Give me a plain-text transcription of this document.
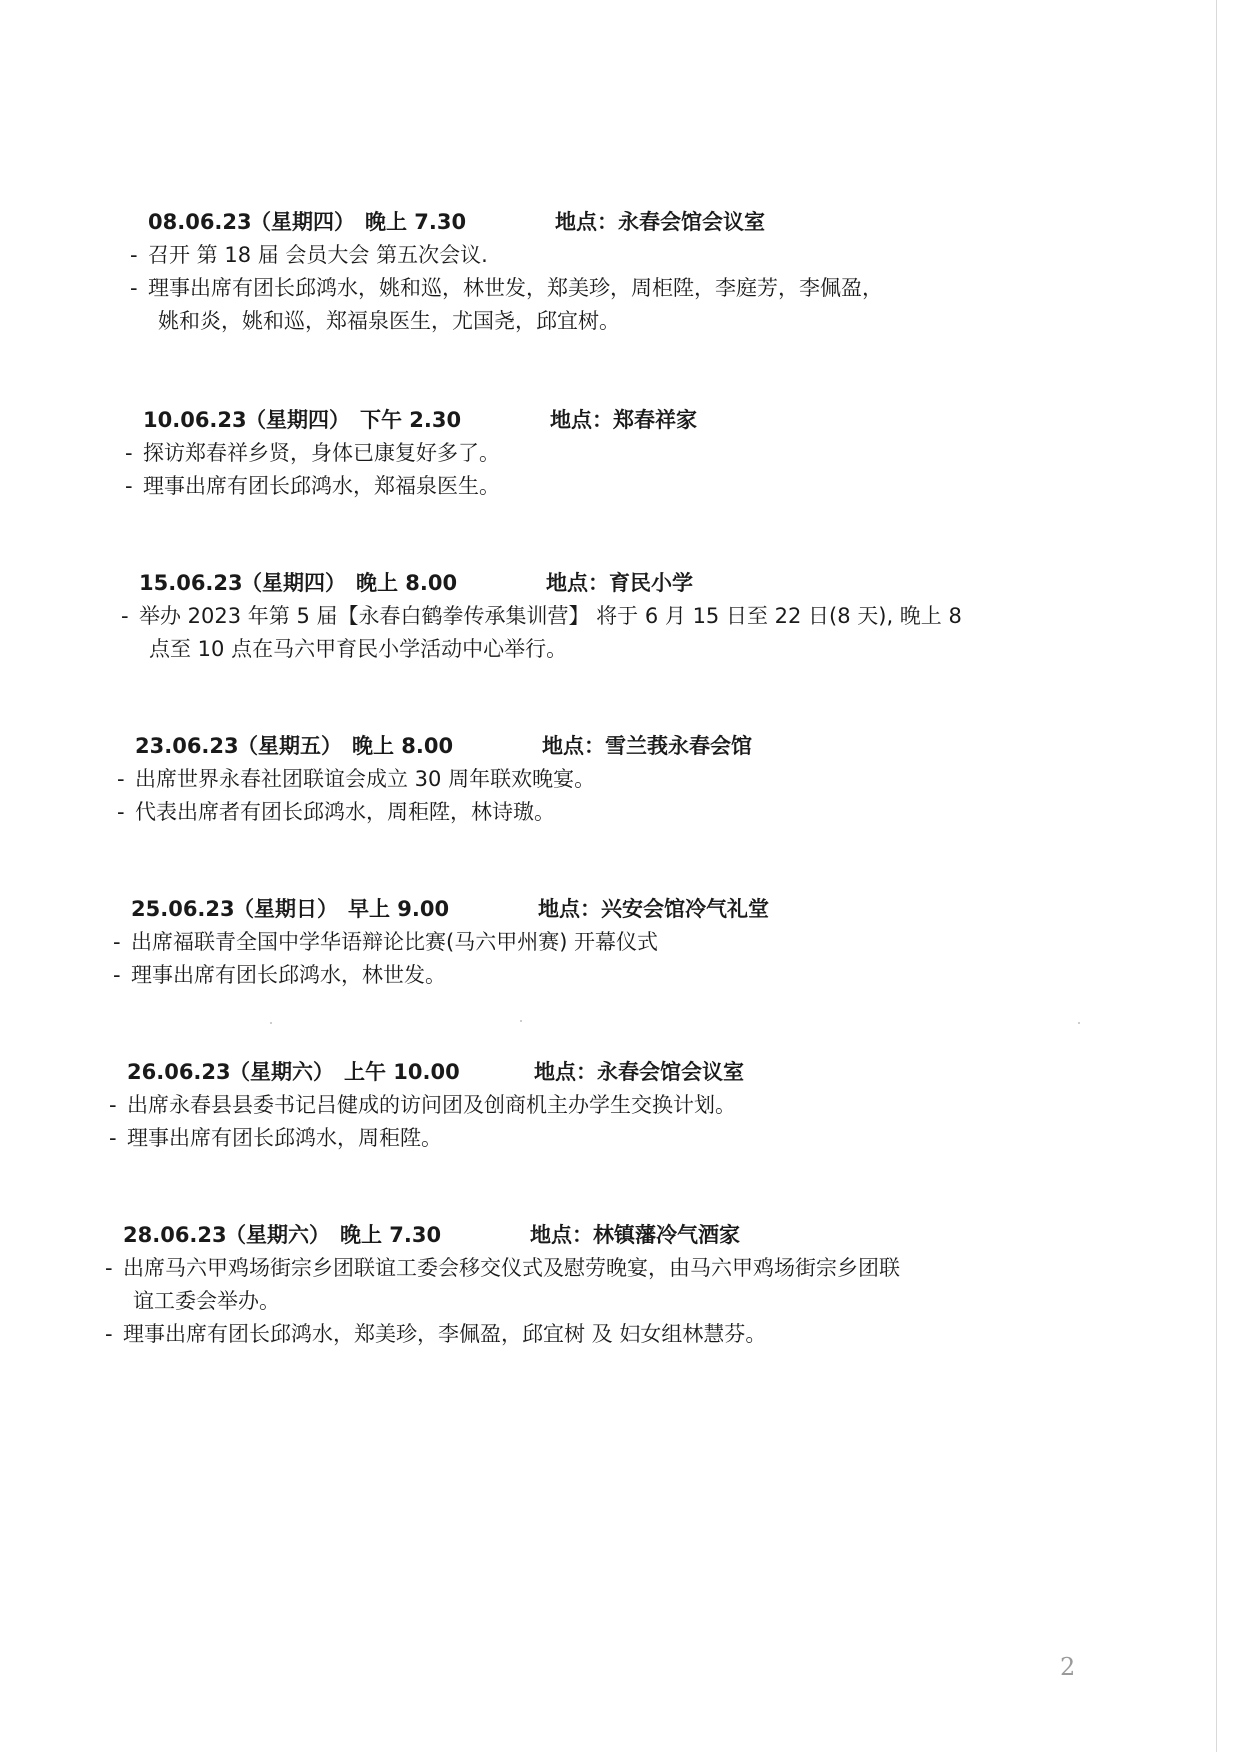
08.06.23
（星期四） 晚上 7.30	地点：永春会馆会议室
- 召开 第 18 届 会员大会 第五次会议.
- 理事出席有团长邱鸿水，姚和巡，林世发，郑美珍，周柜陞，李庭芳，李佩盈，
姚和炎，姚和巡，郑福泉医生，尤国尧，邱宜树。
10.06.23
（星期四） 下午 2.30	地点：郑春祥家
- 探访郑春祥乡贤，身体已康复好多了。
- 理事出席有团长邱鸿水，郑福泉医生。
15.06.23
（星期四） 晚上 8.00	地点：育民小学
- 举办 2023 年第 5 届【永春白鹤拳传承集训营】 将于 6 月 15 日至 22 日(8 天), 晚上 8
点至 10 点在马六甲育民小学活动中心举行。
23.06.23
（星期五） 晚上 8.00	地点：雪兰莪永春会馆
- 出席世界永春社团联谊会成立 30 周年联欢晚宴。
- 代表出席者有团长邱鸿水，周秬陞，林诗璈。
25.06.23
（星期日） 早上 9.00	地点：兴安会馆冷气礼堂
- 出席福联青全国中学华语辩论比赛(马六甲州赛) 开幕仪式
- 理事出席有团长邱鸿水，林世发。
26.06.23
（星期六） 上午 10.00	地点：永春会馆会议室
- 出席永春县县委书记吕健成的访问团及创商机主办学生交换计划。
- 理事出席有团长邱鸿水，周秬陞。
28.06.23
（星期六） 晚上 7.30	地点：林镇藩冷气酒家
- 出席马六甲鸡场街宗乡团联谊工委会移交仪式及慰劳晚宴，由马六甲鸡场街宗乡团联
谊工委会举办。
- 理事出席有团长邱鸿水，郑美珍，李佩盈，邱宜树 及 妇女组林慧芬。
2
